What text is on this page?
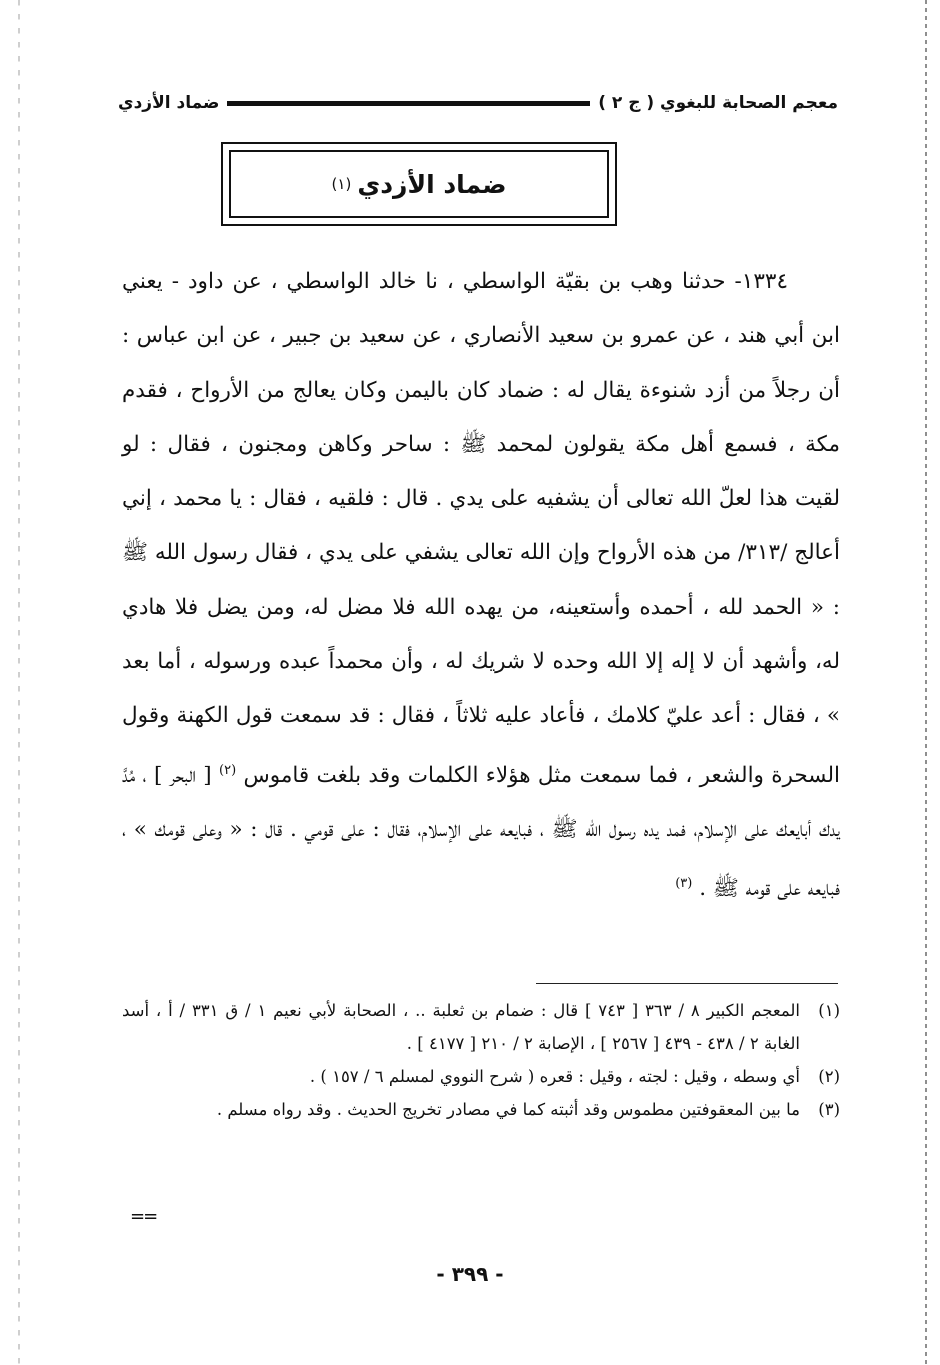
معجم الصحابة للبغوي ( ج ٢ )
ضماد الأزدي
ضماد الأزدي
(١)

١٣٣٤- حدثنا وهب بن بقيّة الواسطي ، نا خالد الواسطي ، عن داود - يعني ابن أبي هند ، عن عمرو بن سعيد الأنصاري ، عن سعيد بن جبير ، عن ابن عباس : أن رجلاً من أزد شنوءة يقال له : ضماد كان باليمن وكان يعالج من الأرواح ، فقدم مكة ، فسمع أهل مكة يقولون لمحمد ﷺ : ساحر وكاهن ومجنون ، فقال : لو لقيت هذا لعلّ الله تعالى أن يشفيه على يدي . قال : فلقيه ، فقال : يا محمد ، إني أعالج /٣١٣/ من هذه الأرواح وإن الله تعالى يشفي على يدي ، فقال رسول الله ﷺ : « الحمد لله ، أحمده وأستعينه، من يهده الله فلا مضل له، ومن يضل فلا هادي له، وأشهد أن لا إله إلا الله وحده لا شريك له ، وأن محمداً عبده ورسوله ، أما بعد » ، فقال : أعد عليّ كلامك ، فأعاد عليه ثلاثاً ، فقال : قد سمعت قول الكهنة وقول السحرة والشعر ، فما سمعت مثل هؤلاء الكلمات وقد بلغت قاموس $^{(٢)}$ [ البحر ] ، مُدَّ يدك أبايعك على الإسلام، فمد يده رسول الله ﷺ ، فبايعه على الإسلام، فقال : على قومي . قال : « وعلى قومك » ، فبايعه على قومه ﷺ . $^{(٣)}$

(١)
المعجم الكبير ٨ / ٣٦٣ [ ٧٤٣ ] قال : ضمام بن ثعلبة .. ، الصحابة لأبي نعيم ١ / ق ٣٣١ / أ ، أسد الغابة ٢ / ٤٣٨ - ٤٣٩ [ ٢٥٦٧ ] ، الإصابة ٢ / ٢١٠ [ ٤١٧٧ ] .
(٢)
أي وسطه ، وقيل : لجته ، وقيل : قعره ( شرح النووي لمسلم ٦ / ١٥٧ ) .
(٣)
ما بين المعقوفتين مطموس وقد أثبته كما في مصادر تخريج الحديث . وقد رواه مسلم .
==
- ٣٩٩ -
